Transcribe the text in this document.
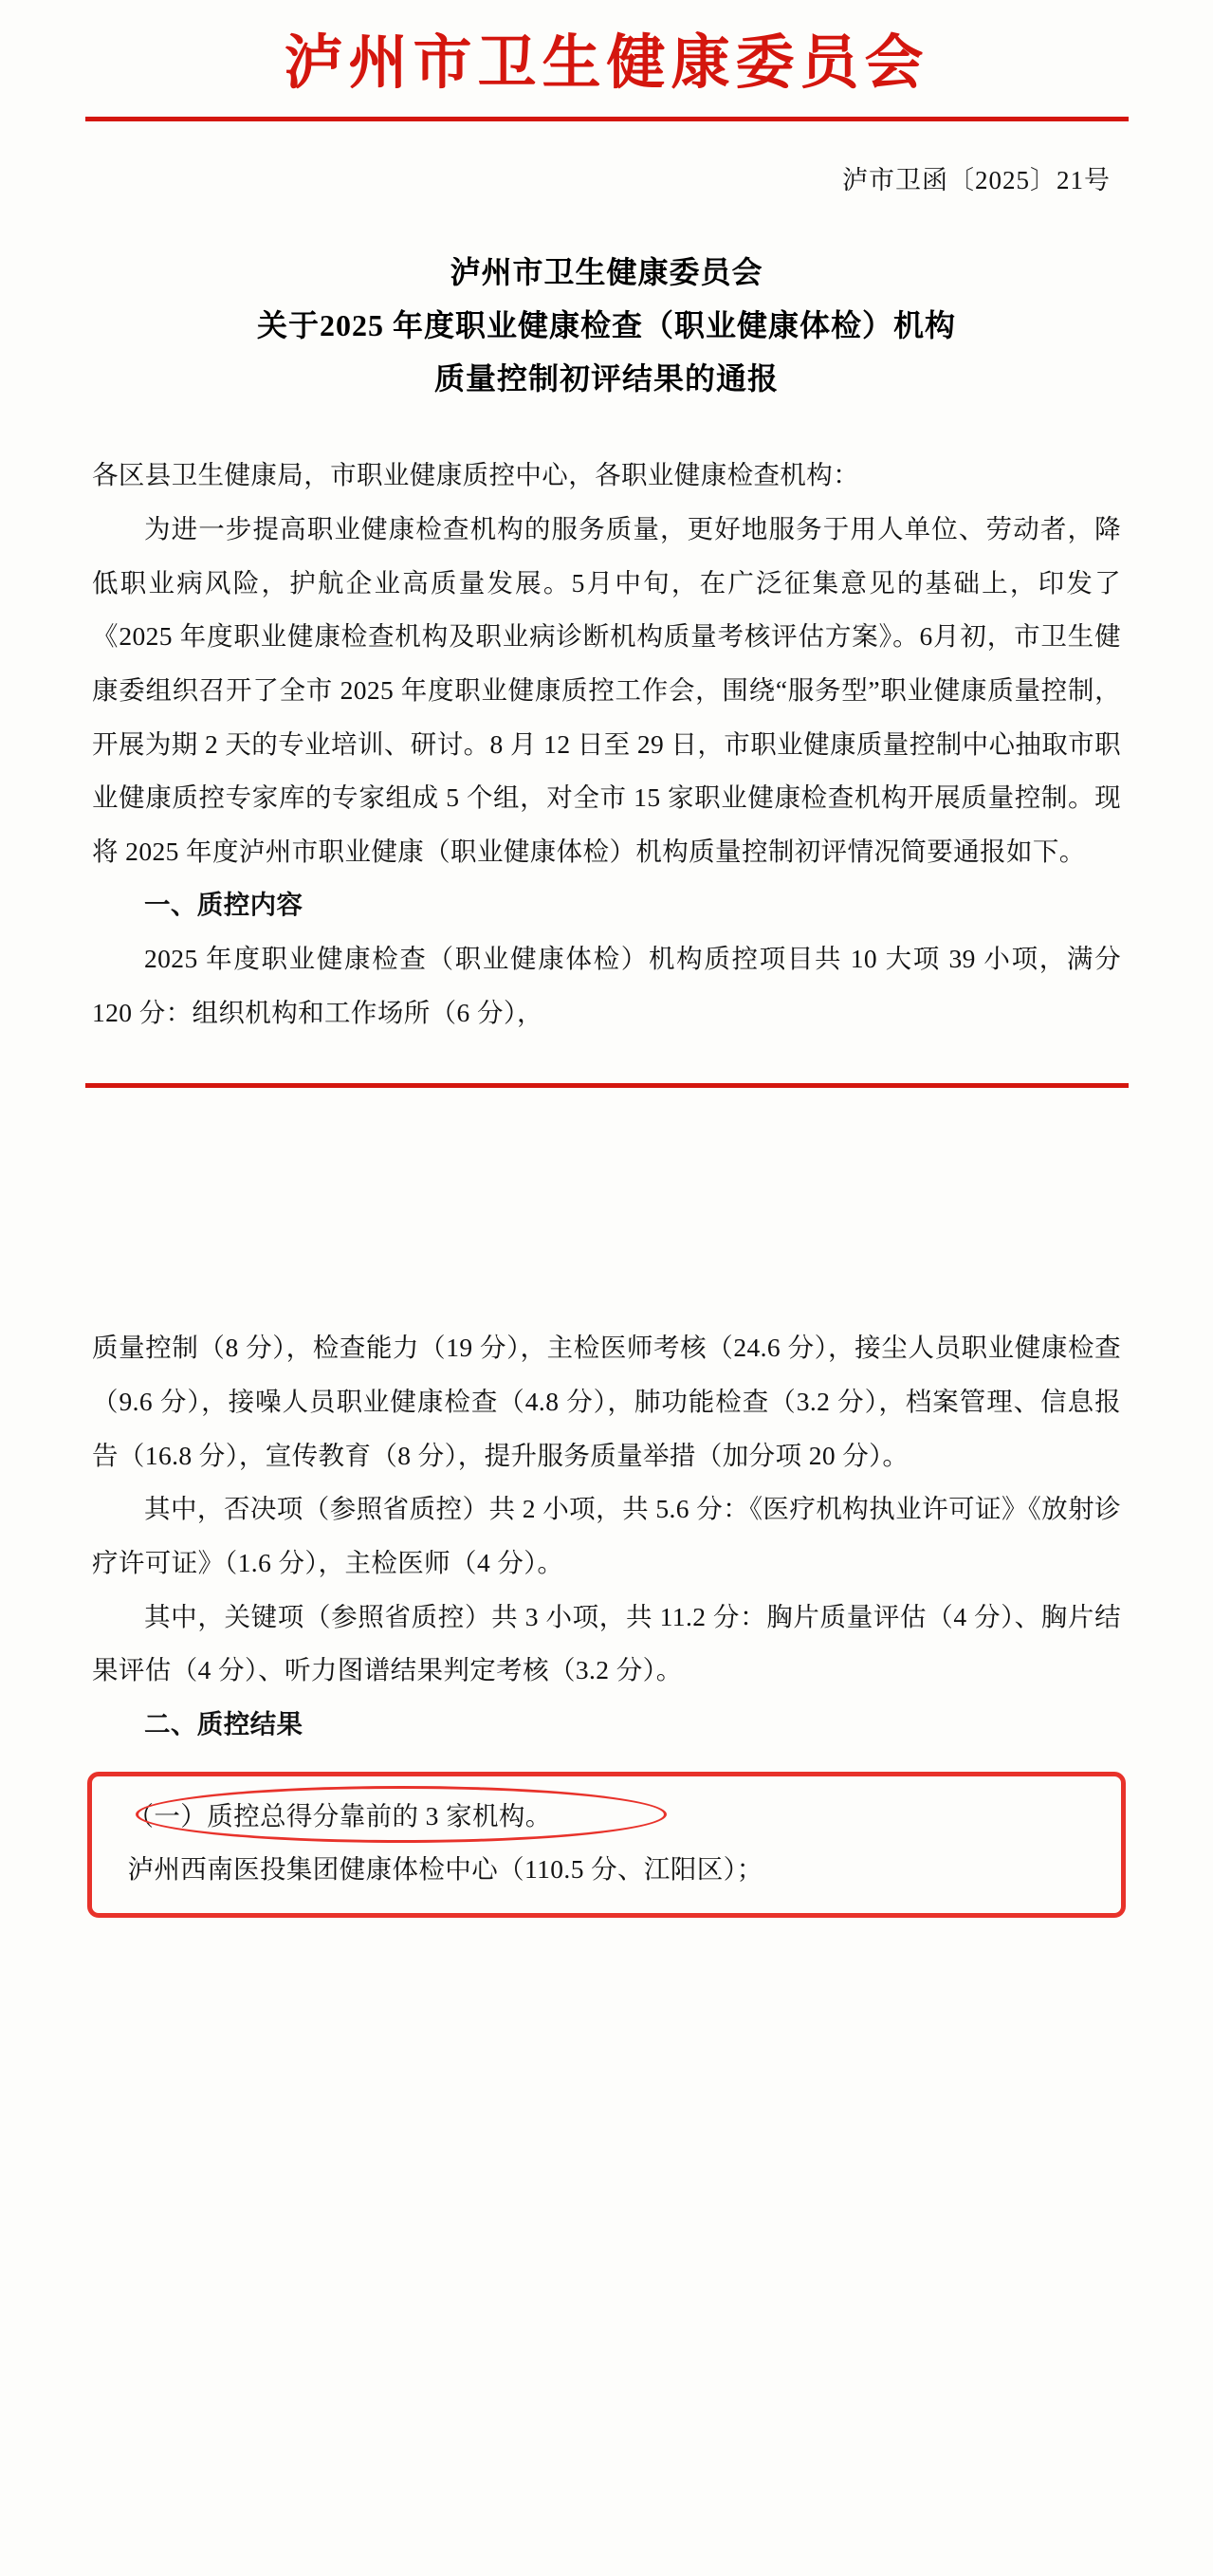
泸州市卫生健康委员会
泸市卫函〔2025〕21号
泸州市卫生健康委员会
关于2025 年度职业健康检查（职业健康体检）机构
质量控制初评结果的通报

各区县卫生健康局，市职业健康质控中心，各职业健康检查机构：

为进一步提高职业健康检查机构的服务质量，更好地服务于用人单位、劳动者，降低职业病风险，护航企业高质量发展。5月中旬，在广泛征集意见的基础上，印发了《2025 年度职业健康检查机构及职业病诊断机构质量考核评估方案》。6月初，市卫生健康委组织召开了全市 2025 年度职业健康质控工作会，围绕“服务型”职业健康质量控制，开展为期 2 天的专业培训、研讨。8 月 12 日至 29 日，市职业健康质量控制中心抽取市职业健康质控专家库的专家组成 5 个组，对全市 15 家职业健康检查机构开展质量控制。现将 2025 年度泸州市职业健康（职业健康体检）机构质量控制初评情况简要通报如下。

一、质控内容

2025 年度职业健康检查（职业健康体检）机构质控项目共 10 大项 39 小项，满分 120 分：组织机构和工作场所（6 分），

质量控制（8 分），检查能力（19 分），主检医师考核（24.6 分），接尘人员职业健康检查（9.6 分），接噪人员职业健康检查（4.8 分），肺功能检查（3.2 分），档案管理、信息报告（16.8 分），宣传教育（8 分），提升服务质量举措（加分项 20 分）。

其中，否决项（参照省质控）共 2 小项，共 5.6 分：《医疗机构执业许可证》《放射诊疗许可证》（1.6 分），主检医师（4 分）。

其中，关键项（参照省质控）共 3 小项，共 11.2 分：胸片质量评估（4 分）、胸片结果评估（4 分）、听力图谱结果判定考核（3.2 分）。

二、质控结果

（一）质控总得分靠前的 3 家机构。
泸州西南医投集团健康体检中心（110.5 分、江阳区）；
